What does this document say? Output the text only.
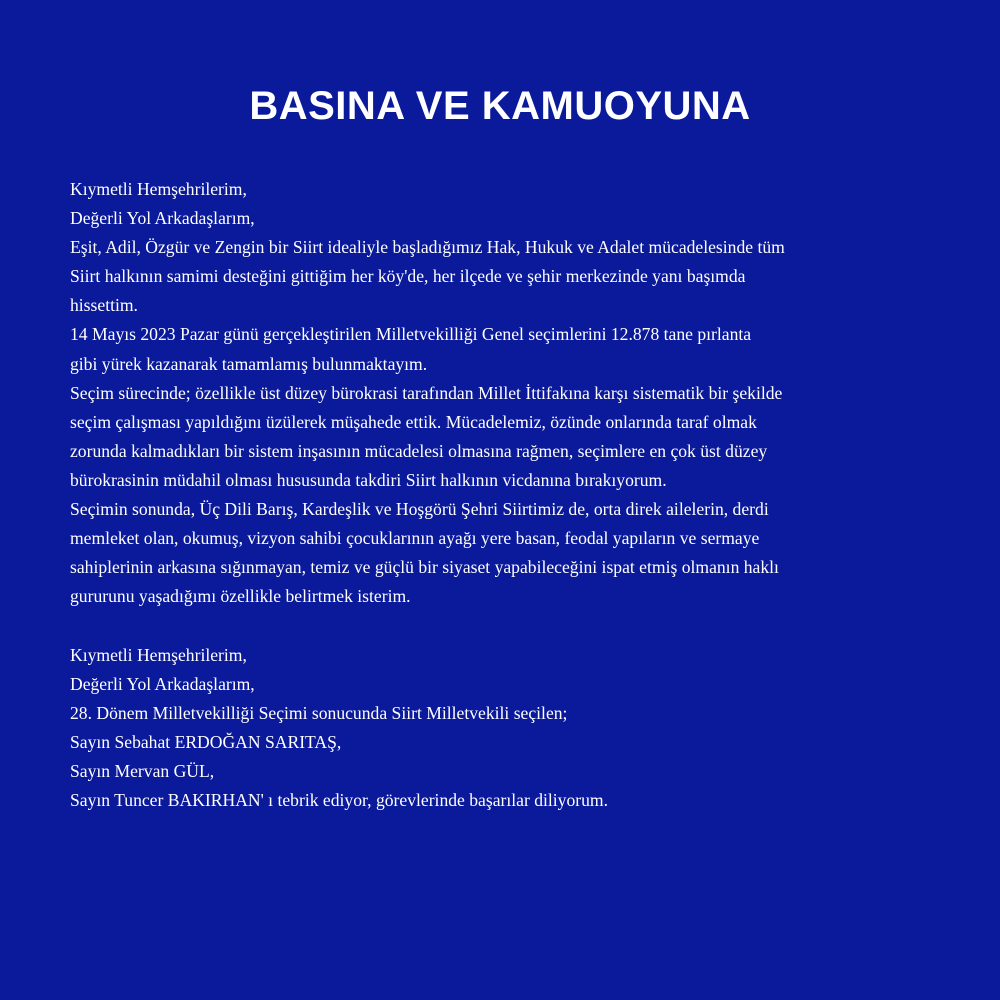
BASINA VE KAMUOYUNA
Kıymetli Hemşehrilerim,
Değerli Yol Arkadaşlarım,
Eşit, Adil, Özgür ve Zengin bir Siirt idealiyle başladığımız Hak, Hukuk ve Adalet mücadelesinde tüm
Siirt halkının samimi desteğini gittiğim her köy'de, her ilçede ve şehir merkezinde yanı başımda
hissettim.
14 Mayıs 2023 Pazar günü gerçekleştirilen Milletvekilliği Genel seçimlerini 12.878 tane pırlanta
gibi yürek kazanarak tamamlamış bulunmaktayım.
Seçim sürecinde; özellikle üst düzey bürokrasi tarafından Millet İttifakına karşı sistematik bir şekilde
seçim çalışması yapıldığını üzülerek müşahede ettik. Mücadelemiz, özünde onlarında taraf olmak
zorunda kalmadıkları bir sistem inşasının mücadelesi olmasına rağmen, seçimlere en çok üst düzey
bürokrasinin müdahil olması hususunda takdiri Siirt halkının vicdanına bırakıyorum.
Seçimin sonunda, Üç Dili Barış, Kardeşlik ve Hoşgörü Şehri Siirtimiz de, orta direk ailelerin, derdi
memleket olan, okumuş, vizyon sahibi çocuklarının ayağı yere basan, feodal yapıların ve sermaye
sahiplerinin arkasına sığınmayan, temiz ve güçlü bir siyaset yapabileceğini ispat etmiş olmanın haklı
gururunu yaşadığımı özellikle belirtmek isterim.
Kıymetli Hemşehrilerim,
Değerli Yol Arkadaşlarım,
28. Dönem Milletvekilliği Seçimi sonucunda Siirt Milletvekili seçilen;
Sayın Sebahat ERDOĞAN SARITAŞ,
Sayın Mervan GÜL,
Sayın Tuncer BAKIRHAN' ı tebrik ediyor, görevlerinde başarılar diliyorum.
